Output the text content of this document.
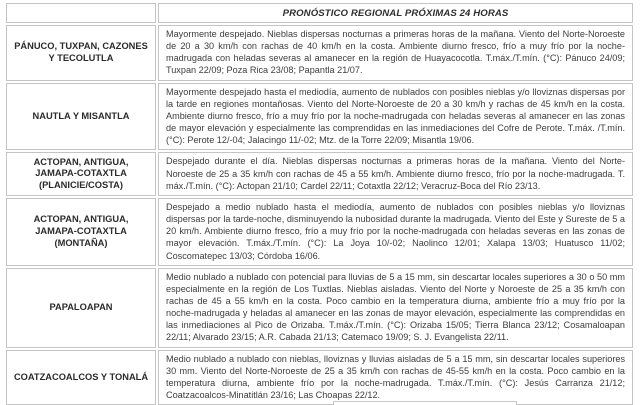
	PRONÓSTICO REGIONAL PRÓXIMAS 24 HORAS
PÁNUCO, TUXPAN, CAZONES Y TECOLUTLA	Mayormente despejado. Nieblas dispersas nocturnas a primeras horas de la mañana. Viento del Norte-Noroeste de 20 a 30 km/h con rachas de 40 km/h en la costa. Ambiente diurno fresco, frío a muy frío por la noche-madrugada con heladas severas al amanecer en la región de Huayacocotla. T.máx./T.mín. (°C): Pánuco 24/09; Tuxpan 22/09; Poza Rica 23/08; Papantla 21/07.
NAUTLA Y MISANTLA	Mayormente despejado hasta el mediodía, aumento de nublados con posibles nieblas y/o lloviznas dispersas por la tarde en regiones montañosas. Viento del Norte-Noroeste de 20 a 30 km/h y rachas de 45 km/h en la costa. Ambiente diurno fresco, frío a muy frío por la noche-madrugada con heladas severas al amanecer en las zonas de mayor elevación y especialmente las comprendidas en las inmediaciones del Cofre de Perote. T.máx. /T.mín. (°C): Perote 12/-04; Jalacingo 11/-02; Mtz. de la Torre 22/09; Misantla 19/06.
ACTOPAN, ANTIGUA, JAMAPA-COTAXTLA (PLANICIE/COSTA)	Despejado durante el día. Nieblas dispersas nocturnas a primeras horas de la mañana. Viento del Norte-Noroeste de 25 a 35 km/h con rachas de 45 a 55 km/h. Ambiente diurno fresco, frío por la noche-madrugada. T. máx./T.mín. (°C): Actopan 21/10; Cardel 22/11; Cotaxtla 22/12; Veracruz-Boca del Río 23/13.
ACTOPAN, ANTIGUA, JAMAPA-COTAXTLA (MONTAÑA)	Despejado a medio nublado hasta el mediodía, aumento de nublados con posibles nieblas y/o lloviznas dispersas por la tarde-noche, disminuyendo la nubosidad durante la madrugada. Viento del Este y Sureste de 5 a 20 km/h. Ambiente diurno fresco, frío a muy frío por la noche-madrugada con heladas severas en las zonas de mayor elevación. T.máx./T.mín. (°C): La Joya 10/-02; Naolinco 12/01; Xalapa 13/03; Huatusco 11/02; Coscomatepec 13/03; Córdoba 16/06.
PAPALOAPAN	Medio nublado a nublado con potencial para lluvias de 5 a 15 mm, sin descartar locales superiores a 30 o 50 mm especialmente en la región de Los Tuxtlas. Nieblas aisladas. Viento del Norte y Noroeste de 25 a 35 km/h con rachas de 45 a 55 km/h en la costa. Poco cambio en la temperatura diurna, ambiente frío a muy frío por la noche-madrugada y heladas al amanecer en las zonas de mayor elevación, especialmente las comprendidas en las inmediaciones al Pico de Orizaba. T.máx./T.mín. (°C): Orizaba 15/05; Tierra Blanca 23/12; Cosamaloapan 22/11; Alvarado 23/15; A.R. Cabada 21/13; Catemaco 19/09; S. J. Evangelista 22/11.
COATZACOALCOS Y TONALÁ	Medio nublado a nublado con nieblas, lloviznas y lluvias aisladas de 5 a 15 mm, sin descartar locales superiores 30 mm. Viento del Norte-Noroeste de 25 a 35 km/h con rachas de 45-55 km/h en la costa. Poco cambio en la temperatura diurna, ambiente frío por la noche-madrugada. T.máx./T.mín. (°C): Jesús Carranza 21/12; Coatzacoalcos-Minatitlán 23/16; Las Choapas 22/12.
